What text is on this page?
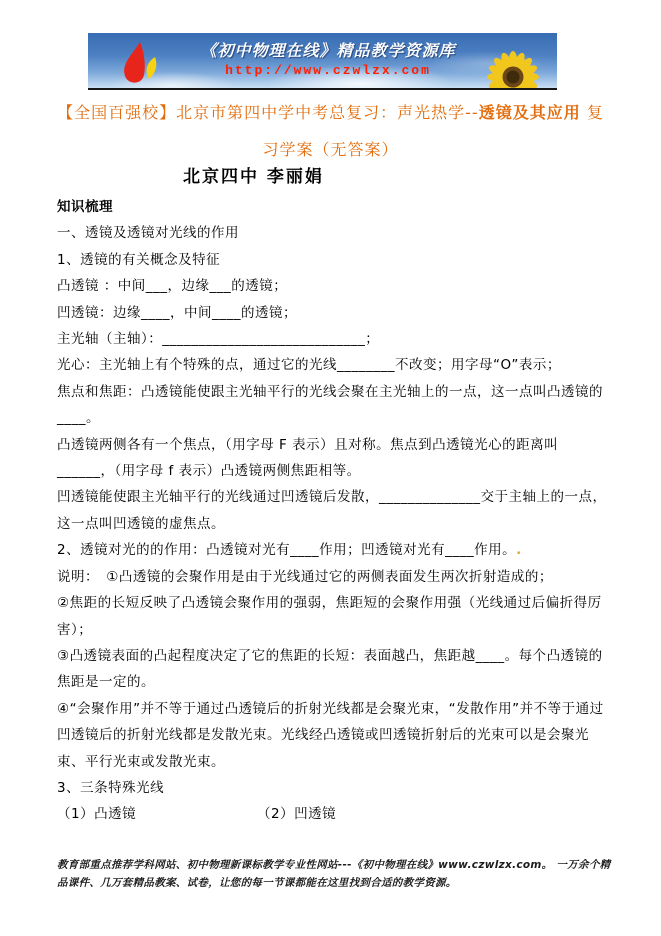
《初中物理在线》精品教学资源库
http://www.czwlzx.com
【全国百强校】北京市第四中学中考总复习：声光热学--透镜及其应用 复
习学案（无答案）
北京四中 李丽娟

知识梳理

一、透镜及透镜对光线的作用

1、透镜的有关概念及特征

凸透镜 ：中间___，边缘___的透镜；

凹透镜：边缘____，中间____的透镜；

主光轴（主轴）：____________________________；

光心：主光轴上有个特殊的点，通过它的光线________不改变；用字母“O”表示；

焦点和焦距：凸透镜能使跟主光轴平行的光线会聚在主光轴上的一点，这一点叫凸透镜的____。

凸透镜两侧各有一个焦点，（用字母 F 表示）且对称。焦点到凸透镜光心的距离叫______，（用字母 f 表示）凸透镜两侧焦距相等。

凹透镜能使跟主光轴平行的光线通过凹透镜后发散，______________交于主轴上的一点，这一点叫凹透镜的虚焦点。

2、透镜对光的的作用：凸透镜对光有____作用；凹透镜对光有____作用。.

说明：　①凸透镜的会聚作用是由于光线通过它的两侧表面发生两次折射造成的；

②焦距的长短反映了凸透镜会聚作用的强弱，焦距短的会聚作用强（光线通过后偏折得厉害）；

③凸透镜表面的凸起程度决定了它的焦距的长短：表面越凸，焦距越____。每个凸透镜的焦距是一定的。

④“会聚作用”并不等于通过凸透镜后的折射光线都是会聚光束，“发散作用”并不等于通过凹透镜后的折射光线都是发散光束。光线经凸透镜或凹透镜折射后的光束可以是会聚光束、平行光束或发散光束。

3、三条特殊光线

（1）凸透镜	（2）凹透镜

教育部重点推荐学科网站、初中物理新课标教学专业性网站---《初中物理在线》www.czwlzx.com。 一万余个精品课件、几万套精品教案、试卷，让您的每一节课都能在这里找到合适的教学资源。
